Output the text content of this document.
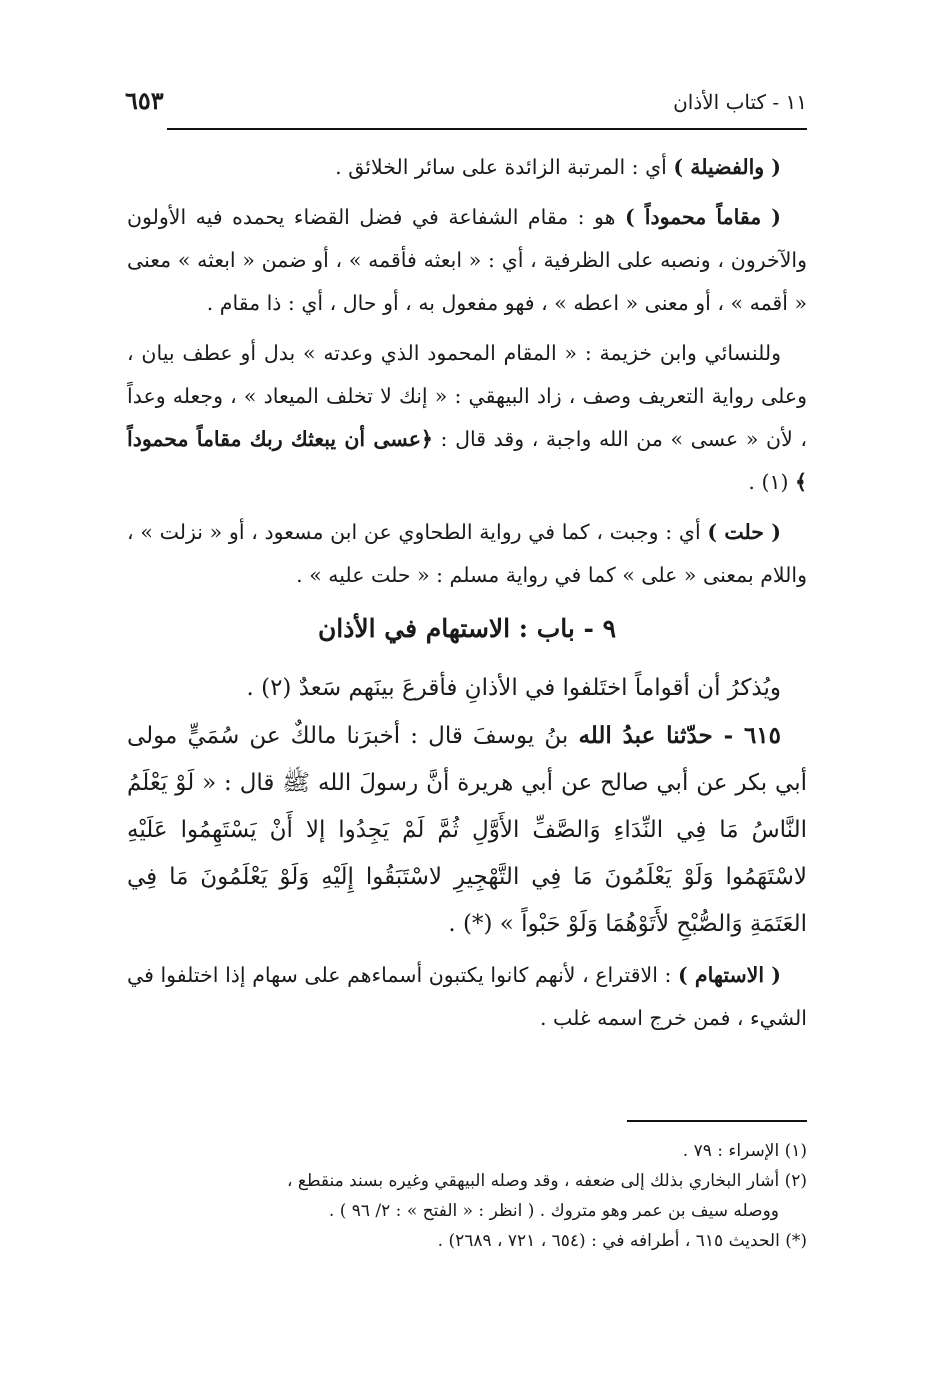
١١ - كتاب الأذان
٦٥٣

( والفضيلة ) أي : المرتبة الزائدة على سائر الخلائق .

( مقاماً محموداً ) هو : مقام الشفاعة في فضل القضاء يحمده فيه الأولون والآخرون ، ونصبه على الظرفية ، أي : « ابعثه فأقمه » ، أو ضمن « ابعثه » معنى « أقمه » ، أو معنى « اعطه » ، فهو مفعول به ، أو حال ، أي : ذا مقام .

وللنسائي وابن خزيمة : « المقام المحمود الذي وعدته » بدل أو عطف بيان ، وعلى رواية التعريف وصف ، زاد البيهقي : « إنك لا تخلف الميعاد » ، وجعله وعداً ، لأن « عسى » من الله واجبة ، وقد قال : ﴿عسى أن يبعثك ربك مقاماً محموداً ﴾ (١) .

( حلت ) أي : وجبت ، كما في رواية الطحاوي عن ابن مسعود ، أو « نزلت » ، واللام بمعنى « على » كما في رواية مسلم : « حلت عليه » .

٩ - باب : الاستهام في الأذان

ويُذكرُ أن أقواماً اختَلفوا في الأذانِ فأقرعَ بينَهم سَعدٌ (٢) .

٦١٥ - حدّثنا عبدُ الله بنُ يوسفَ قال : أخبرَنا مالكٌ عن سُمَيٍّ مولى أبي بكر عن أبي صالح عن أبي هريرة أنَّ رسولَ الله ﷺ قال : « لَوْ يَعْلَمُ النَّاسُ مَا فِي النِّدَاءِ وَالصَّفِّ الأَوَّلِ ثُمَّ لَمْ يَجِدُوا إلا أَنْ يَسْتَهِمُوا عَلَيْهِ لاسْتَهَمُوا وَلَوْ يَعْلَمُونَ مَا فِي التَّهْجِيرِ لاسْتَبَقُوا إِلَيْهِ وَلَوْ يَعْلَمُونَ مَا فِي العَتَمَةِ وَالصُّبْحِ لأَتَوْهُمَا وَلَوْ حَبْواً » (*) .

( الاستهام ) : الاقتراع ، لأنهم كانوا يكتبون أسماءهم على سهام إذا اختلفوا في الشيء ، فمن خرج اسمه غلب .

(١) الإسراء : ٧٩ .

(٢) أشار البخاري بذلك إلى ضعفه ، وقد وصله البيهقي وغيره بسند منقطع ،

ووصله سيف بن عمر وهو متروك . ( انظر : « الفتح » : ٢/ ٩٦ ) .

(*) الحديث ٦١٥ ، أطرافه في : (٦٥٤ ، ٧٢١ ، ٢٦٨٩) .
